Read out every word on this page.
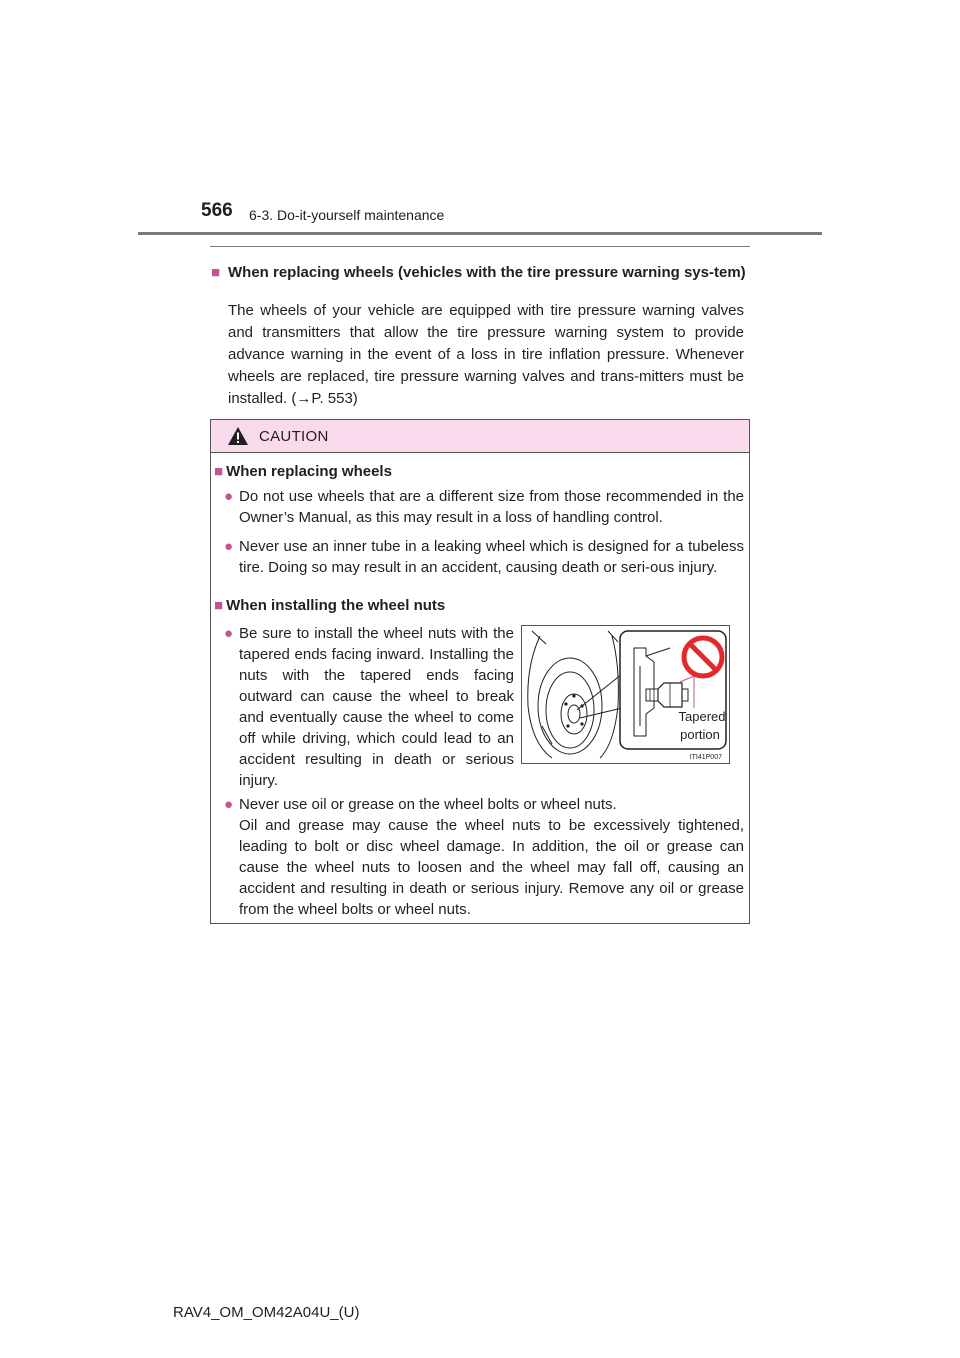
566 6-3. Do-it-yourself maintenance
■ When replacing wheels (vehicles with the tire pressure warning sys-tem)
The wheels of your vehicle are equipped with tire pressure warning valves and transmitters that allow the tire pressure warning system to provide advance warning in the event of a loss in tire inflation pressure. Whenever wheels are replaced, tire pressure warning valves and trans-mitters must be installed. (→P. 553)
CAUTION
■ When replacing wheels
● Do not use wheels that are a different size from those recommended in the Owner’s Manual, as this may result in a loss of handling control.
● Never use an inner tube in a leaking wheel which is designed for a tubeless tire. Doing so may result in an accident, causing death or seri-ous injury.
■ When installing the wheel nuts
● Be sure to install the wheel nuts with the tapered ends facing inward. Installing the nuts with the tapered ends facing outward can cause the wheel to break and eventually cause the wheel to come off while driving, which could lead to an accident resulting in death or serious injury.
Tapered
portion
ITI41P007
● Never use oil or grease on the wheel bolts or wheel nuts.
Oil and grease may cause the wheel nuts to be excessively tightened, leading to bolt or disc wheel damage. In addition, the oil or grease can cause the wheel nuts to loosen and the wheel may fall off, causing an accident and resulting in death or serious injury. Remove any oil or grease from the wheel bolts or wheel nuts.
RAV4_OM_OM42A04U_(U)
